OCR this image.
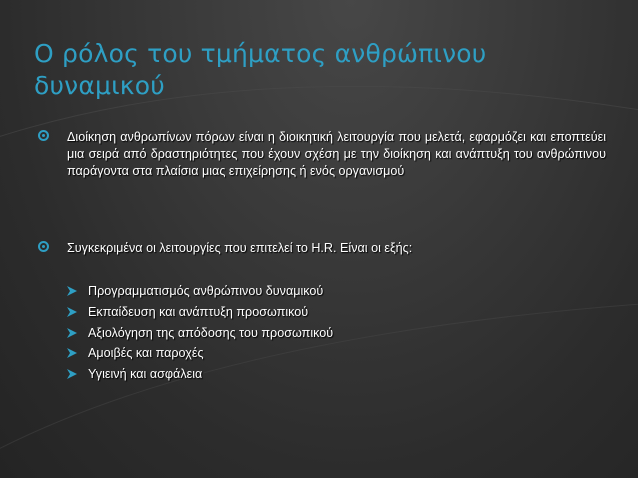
Ο ρόλος του τμήματος ανθρώπινου δυναμικού
Διοίκηση ανθρωπίνων πόρων είναι η διοικητική λειτουργία που μελετά, εφαρμόζει και εποπτεύει μια σειρά από δραστηριότητες που έχουν σχέση με την διοίκηση και ανάπτυξη του ανθρώπινου παράγοντα στα πλαίσια μιας επιχείρησης ή ενός οργανισμού
Συγκεκριμένα οι λειτουργίες που επιτελεί το H.R. Είναι οι εξής:
Προγραμματισμός ανθρώπινου δυναμικού
Εκπαίδευση και ανάπτυξη προσωπικού
Αξιολόγηση της απόδοσης του προσωπικού
Αμοιβές και παροχές
Υγιεινή και ασφάλεια
